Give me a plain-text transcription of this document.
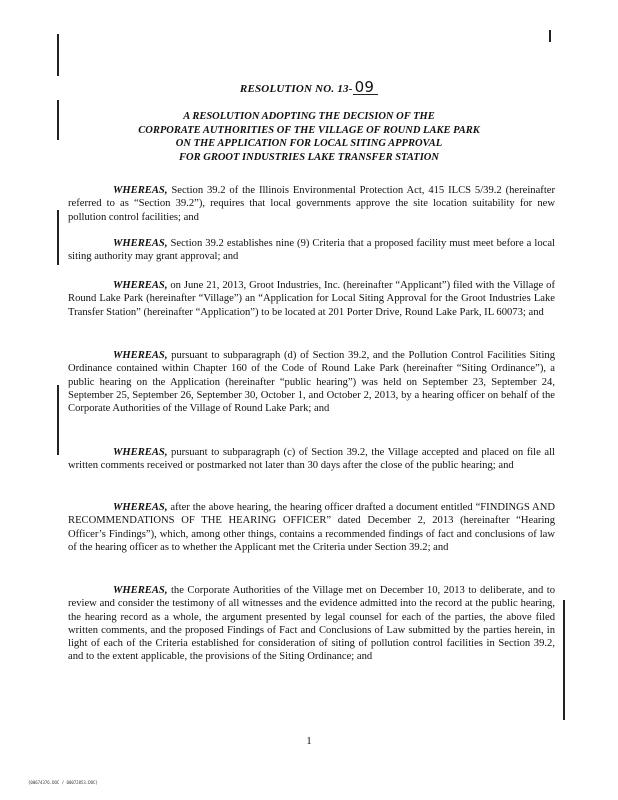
RESOLUTION NO. 13- 09
A RESOLUTION ADOPTING THE DECISION OF THE
CORPORATE AUTHORITIES OF THE VILLAGE OF ROUND LAKE PARK
ON THE APPLICATION FOR LOCAL SITING APPROVAL
FOR GROOT INDUSTRIES LAKE TRANSFER STATION
WHEREAS, Section 39.2 of the Illinois Environmental Protection Act, 415 ILCS 5/39.2 (hereinafter referred to as “Section 39.2”), requires that local governments approve the site location suitability for new pollution control facilities; and
WHEREAS, Section 39.2 establishes nine (9) Criteria that a proposed facility must meet before a local siting authority may grant approval; and
WHEREAS, on June 21, 2013, Groot Industries, Inc. (hereinafter “Applicant”) filed with the Village of Round Lake Park (hereinafter “Village”) an “Application for Local Siting Approval for the Groot Industries Lake Transfer Station” (hereinafter “Application”) to be located at 201 Porter Drive, Round Lake Park, IL 60073; and
WHEREAS, pursuant to subparagraph (d) of Section 39.2, and the Pollution Control Facilities Siting Ordinance contained within Chapter 160 of the Code of Round Lake Park (hereinafter “Siting Ordinance”), a public hearing on the Application (hereinafter “public hearing”) was held on September 23, September 24, September 25, September 26, September 30, October 1, and October 2, 2013, by a hearing officer on behalf of the Corporate Authorities of the Village of Round Lake Park; and
WHEREAS, pursuant to subparagraph (c) of Section 39.2, the Village accepted and placed on file all written comments received or postmarked not later than 30 days after the close of the public hearing; and
WHEREAS, after the above hearing, the hearing officer drafted a document entitled “FINDINGS AND RECOMMENDATIONS OF THE HEARING OFFICER” dated December 2, 2013 (hereinafter “Hearing Officer’s Findings”), which, among other things, contains a recommended findings of fact and conclusions of law of the hearing officer as to whether the Applicant met the Criteria under Section 39.2; and
WHEREAS, the Corporate Authorities of the Village met on December 10, 2013 to deliberate, and to review and consider the testimony of all witnesses and the evidence admitted into the record at the public hearing, the hearing record as a whole, the argument presented by legal counsel for each of the parties, the above filed written comments, and the proposed Findings of Fact and Conclusions of Law submitted by the parties herein, in light of each of the Criteria established for consideration of siting of pollution control facilities in Section 39.2, and to the extent applicable, the provisions of the Siting Ordinance; and
1
{00674376.DOC / 00072853.DOC}
